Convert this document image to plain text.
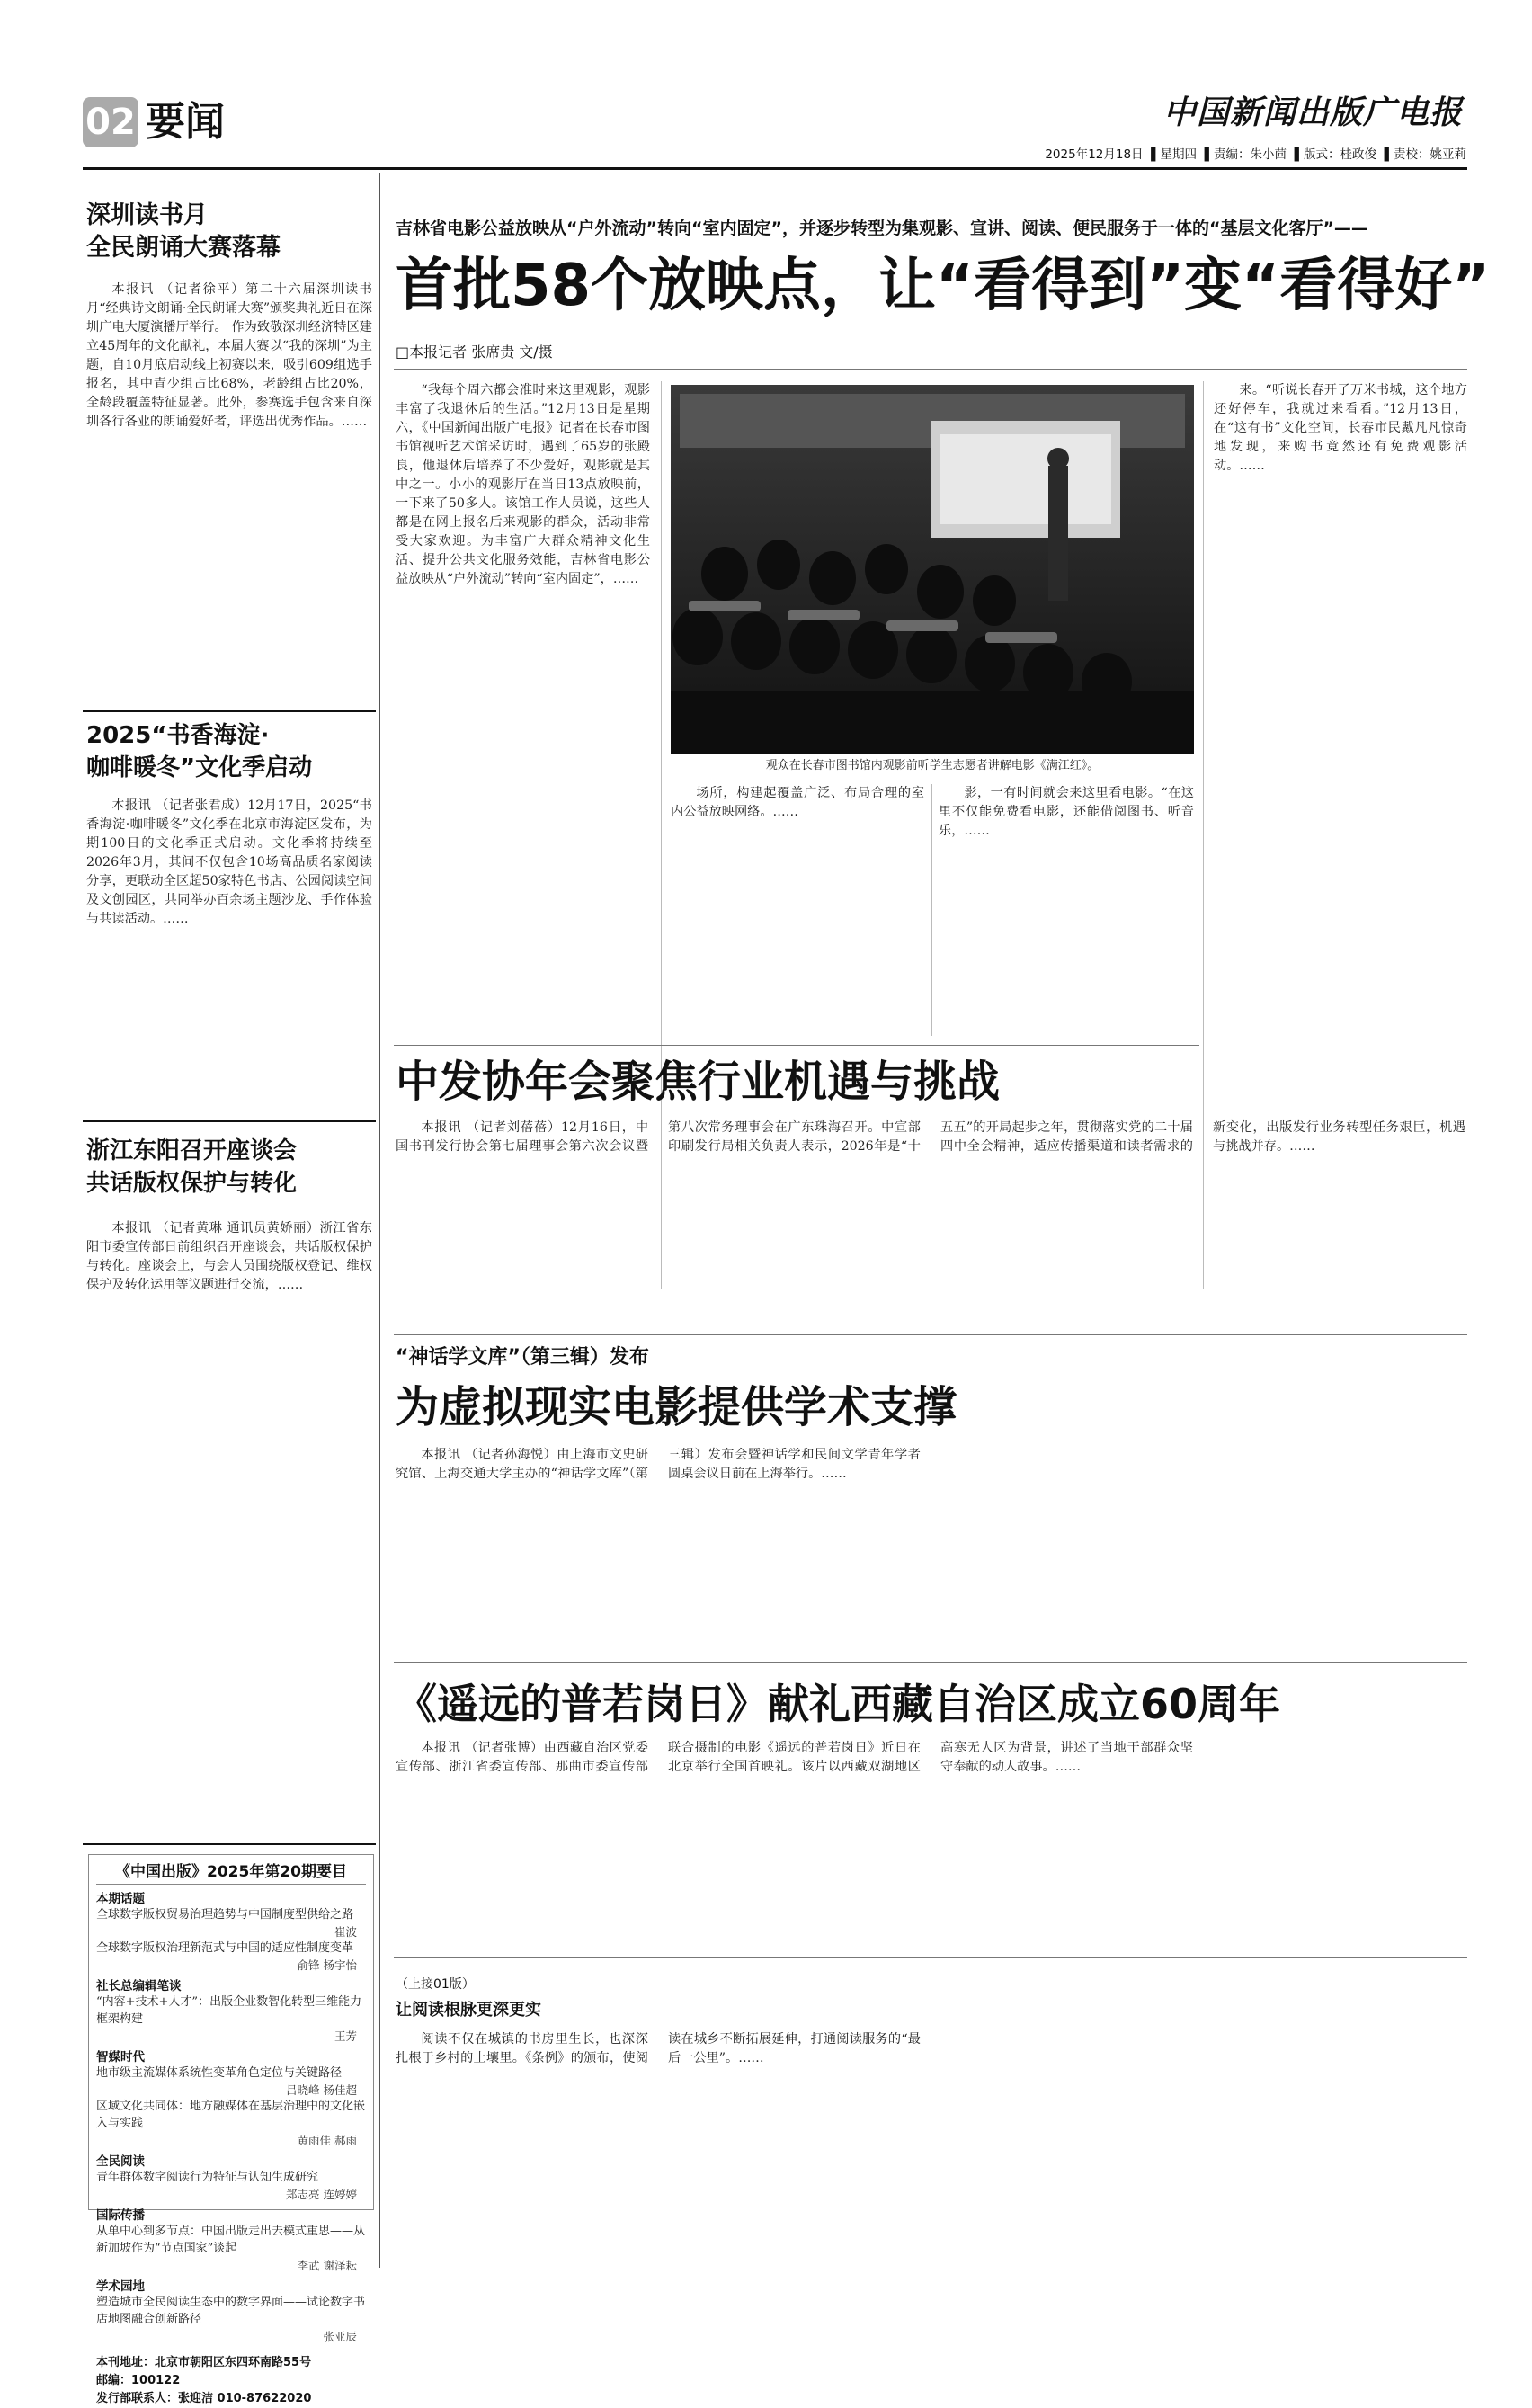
02 要闻	中国新闻出版广电报
2025年12月18日 ▌星期四 ▌责编：朱小茴 ▌版式：桂政俊 ▌责校：姚亚莉
深圳读书月
全民朗诵大赛落幕
本报讯 （记者徐平）第二十六届深圳读书月“经典诗文朗诵·全民朗诵大赛”颁奖典礼近日在深圳广电大厦演播厅举行。 作为致敬深圳经济特区建立45周年的文化献礼，本届大赛以“我的深圳”为主题，自10月底启动线上初赛以来，吸引609组选手报名，其中青少组占比68%，老龄组占比20%，全龄段覆盖特征显著。此外，参赛选手包含来自深圳各行各业的朗诵爱好者，评选出优秀作品。……
2025“书香海淀·
咖啡暖冬”文化季启动
本报讯 （记者张君成）12月17日，2025“书香海淀·咖啡暖冬”文化季在北京市海淀区发布，为期100日的文化季正式启动。文化季将持续至2026年3月，其间不仅包含10场高品质名家阅读分享，更联动全区超50家特色书店、公园阅读空间及文创园区，共同举办百余场主题沙龙、手作体验与共读活动。……
浙江东阳召开座谈会
共话版权保护与转化
本报讯 （记者黄琳 通讯员黄娇丽）浙江省东阳市委宣传部日前组织召开座谈会，共话版权保护与转化。座谈会上，与会人员围绕版权登记、维权保护及转化运用等议题进行交流，……
《中国出版》2025年第20期要目
本期话题
全球数字版权贸易治理趋势与中国制度型供给之路
崔波
全球数字版权治理新范式与中国的适应性制度变革
俞锋 杨宇怡
社长总编辑笔谈
“内容+技术+人才”：出版企业数智化转型三维能力框架构建
王芳
智媒时代
地市级主流媒体系统性变革角色定位与关键路径
吕晓峰 杨佳超
区域文化共同体：地方融媒体在基层治理中的文化嵌入与实践
黄雨佳 郝雨
全民阅读
青年群体数字阅读行为特征与认知生成研究
郑志亮 连婷婷
国际传播
从单中心到多节点：中国出版走出去模式重思——从新加坡作为“节点国家”谈起
李武 谢泽耘
学术园地
塑造城市全民阅读生态中的数字界面——试论数字书店地图融合创新路径
张亚辰
本刊地址：北京市朝阳区东四环南路55号
邮编：100122
发行部联系人：张迎洁 010-87622020
吉林省电影公益放映从“户外流动”转向“室内固定”，并逐步转型为集观影、宣讲、阅读、便民服务于一体的“基层文化客厅”——
首批58个放映点，让“看得到”变“看得好”
□本报记者 张席贵 文/摄
“我每个周六都会准时来这里观影，观影丰富了我退休后的生活。”12月13日是星期六，《中国新闻出版广电报》记者在长春市图书馆视听艺术馆采访时，遇到了65岁的张殿良，他退休后培养了不少爱好，观影就是其中之一。小小的观影厅在当日13点放映前，一下来了50多人。该馆工作人员说，这些人都是在网上报名后来观影的群众，活动非常受大家欢迎。为丰富广大群众精神文化生活、提升公共文化服务效能，吉林省电影公益放映从“户外流动”转向“室内固定”，……
观众在长春市图书馆内观影前听学生志愿者讲解电影《满江红》。
场所，构建起覆盖广泛、布局合理的室内公益放映网络。……
影，一有时间就会来这里看电影。“在这里不仅能免费看电影，还能借阅图书、听音乐，……
来。“听说长春开了万米书城，这个地方还好停车，我就过来看看。”12月13日，在“这有书”文化空间，长春市民戴凡凡惊奇地发现，来购书竟然还有免费观影活动。……
中发协年会聚焦行业机遇与挑战
本报讯 （记者刘蓓蓓）12月16日，中国书刊发行协会第七届理事会第六次会议暨第八次常务理事会在广东珠海召开。中宣部印刷发行局相关负责人表示，2026年是“十五五”的开局起步之年，贯彻落实党的二十届四中全会精神，适应传播渠道和读者需求的新变化，出版发行业务转型任务艰巨，机遇与挑战并存。……
“神话学文库”（第三辑）发布
为虚拟现实电影提供学术支撑
本报讯 （记者孙海悦）由上海市文史研究馆、上海交通大学主办的“神话学文库”（第三辑）发布会暨神话学和民间文学青年学者圆桌会议日前在上海举行。……
《遥远的普若岗日》献礼西藏自治区成立60周年
本报讯 （记者张博）由西藏自治区党委宣传部、浙江省委宣传部、那曲市委宣传部联合摄制的电影《遥远的普若岗日》近日在北京举行全国首映礼。该片以西藏双湖地区高寒无人区为背景，讲述了当地干部群众坚守奉献的动人故事。……
（上接01版）
让阅读根脉更深更实
阅读不仅在城镇的书房里生长，也深深扎根于乡村的土壤里。《条例》的颁布，使阅读在城乡不断拓展延伸，打通阅读服务的“最后一公里”。……
